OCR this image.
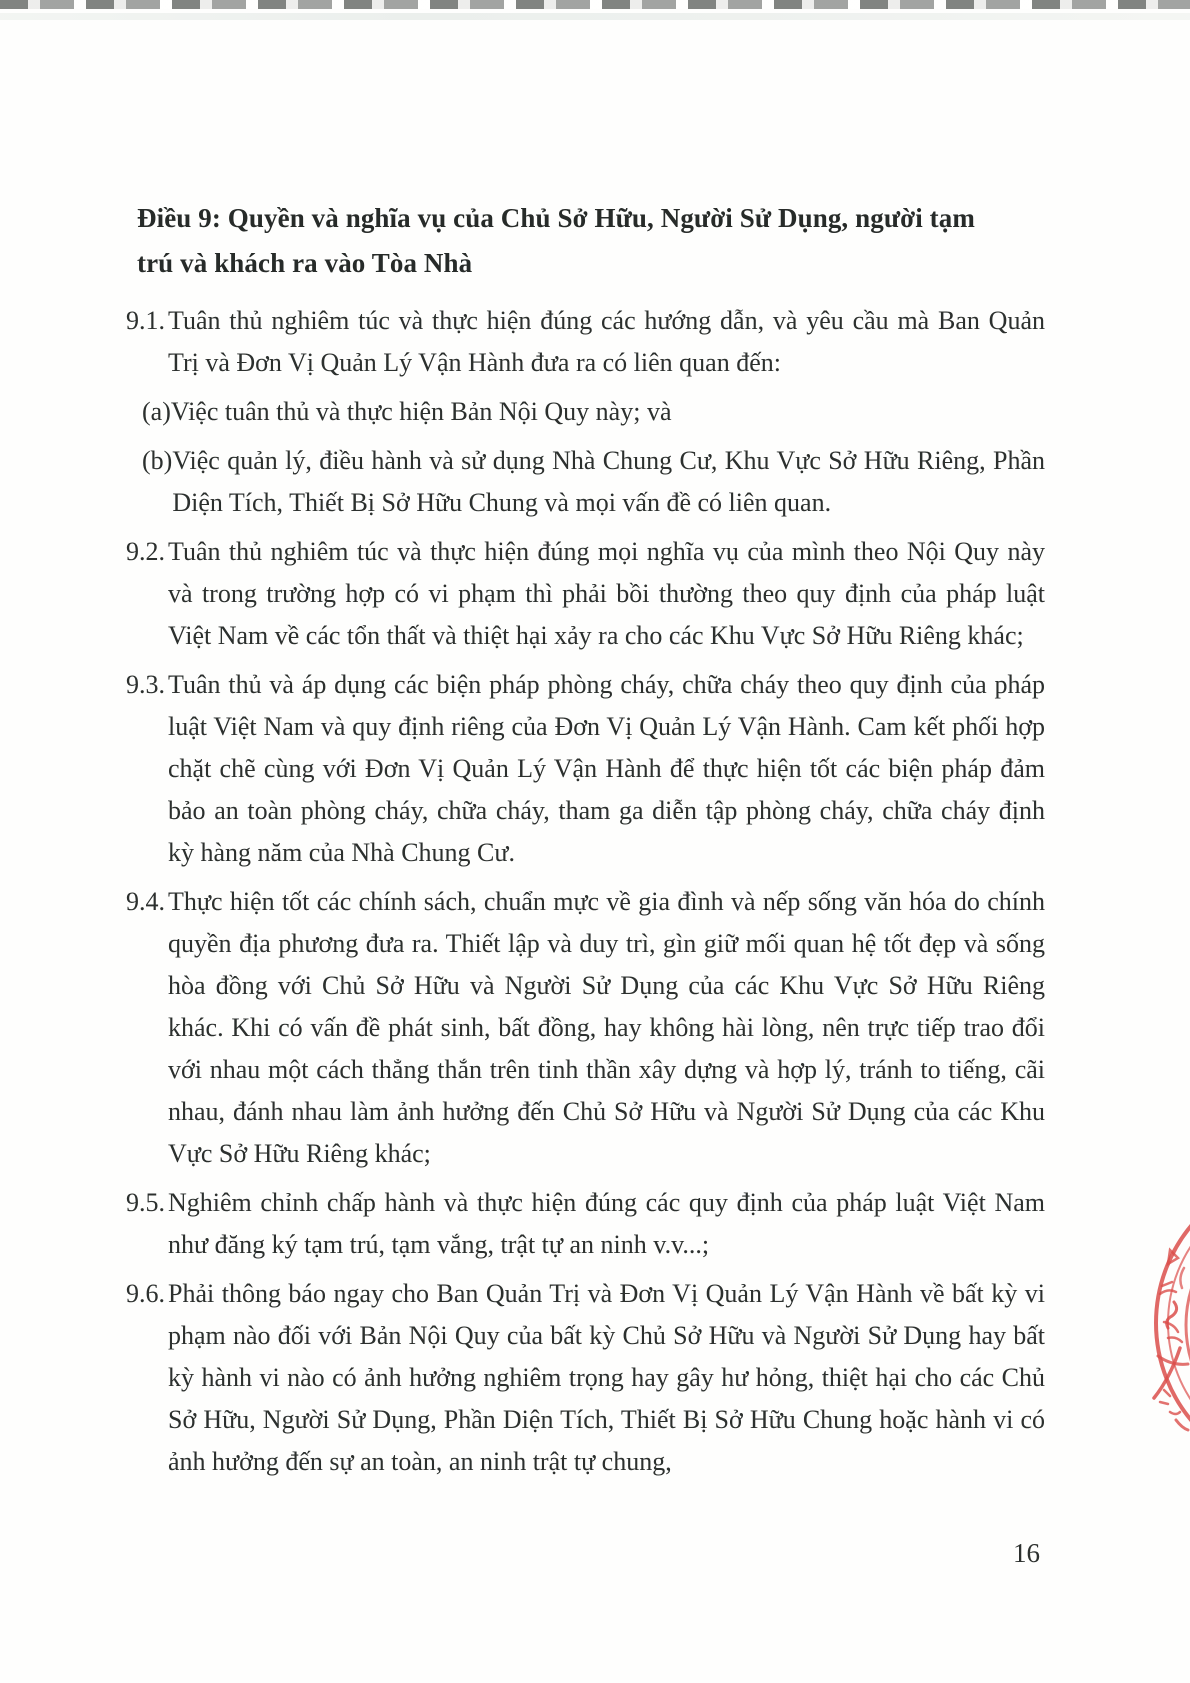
Điều 9: Quyền và nghĩa vụ của Chủ Sở Hữu, Người Sử Dụng, người tạm trú và khách ra vào Tòa Nhà
9.1. Tuân thủ nghiêm túc và thực hiện đúng các hướng dẫn, và yêu cầu mà Ban Quản Trị và Đơn Vị Quản Lý Vận Hành đưa ra có liên quan đến:

(a) Việc tuân thủ và thực hiện Bản Nội Quy này; và

(b) Việc quản lý, điều hành và sử dụng Nhà Chung Cư, Khu Vực Sở Hữu Riêng, Phần Diện Tích, Thiết Bị Sở Hữu Chung và mọi vấn đề có liên quan.

9.2. Tuân thủ nghiêm túc và thực hiện đúng mọi nghĩa vụ của mình theo Nội Quy này và trong trường hợp có vi phạm thì phải bồi thường theo quy định của pháp luật Việt Nam về các tổn thất và thiệt hại xảy ra cho các Khu Vực Sở Hữu Riêng khác;

9.3. Tuân thủ và áp dụng các biện pháp phòng cháy, chữa cháy theo quy định của pháp luật Việt Nam và quy định riêng của Đơn Vị Quản Lý Vận Hành. Cam kết phối hợp chặt chẽ cùng với Đơn Vị Quản Lý Vận Hành để thực hiện tốt các biện pháp đảm bảo an toàn phòng cháy, chữa cháy, tham ga diễn tập phòng cháy, chữa cháy định kỳ hàng năm của Nhà Chung Cư.

9.4. Thực hiện tốt các chính sách, chuẩn mực về gia đình và nếp sống văn hóa do chính quyền địa phương đưa ra. Thiết lập và duy trì, gìn giữ mối quan hệ tốt đẹp và sống hòa đồng với Chủ Sở Hữu và Người Sử Dụng của các Khu Vực Sở Hữu Riêng khác. Khi có vấn đề phát sinh, bất đồng, hay không hài lòng, nên trực tiếp trao đổi với nhau một cách thẳng thắn trên tinh thần xây dựng và hợp lý, tránh to tiếng, cãi nhau, đánh nhau làm ảnh hưởng đến Chủ Sở Hữu và Người Sử Dụng của các Khu Vực Sở Hữu Riêng khác;

9.5. Nghiêm chỉnh chấp hành và thực hiện đúng các quy định của pháp luật Việt Nam như đăng ký tạm trú, tạm vắng, trật tự an ninh v.v...;

9.6. Phải thông báo ngay cho Ban Quản Trị và Đơn Vị Quản Lý Vận Hành về bất kỳ vi phạm nào đối với Bản Nội Quy của bất kỳ Chủ Sở Hữu và Người Sử Dụng hay bất kỳ hành vi nào có ảnh hưởng nghiêm trọng hay gây hư hỏng, thiệt hại cho các Chủ Sở Hữu, Người Sử Dụng, Phần Diện Tích, Thiết Bị Sở Hữu Chung hoặc hành vi có ảnh hưởng đến sự an toàn, an ninh trật tự chung,

16
